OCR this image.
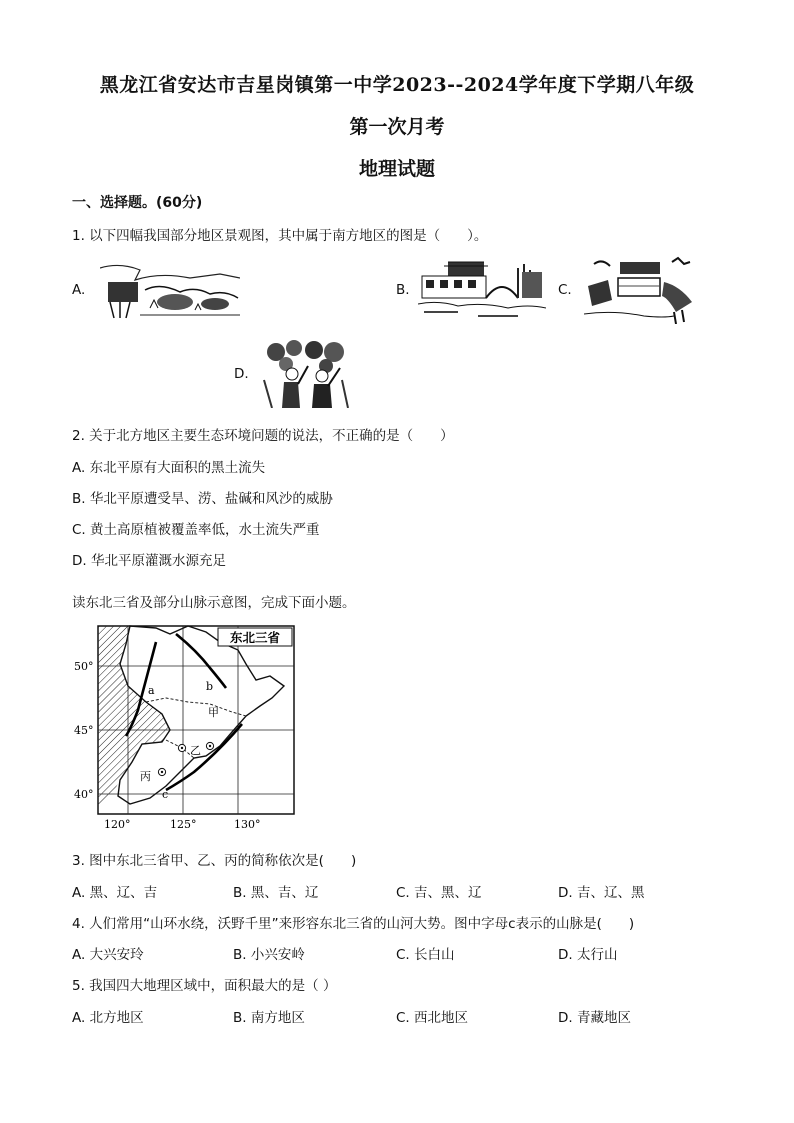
黑龙江省安达市吉星岗镇第一中学2023--2024学年度下学期八年级
第一次月考
地理试题
一、选择题。(60分)
1. 以下四幅我国部分地区景观图，其中属于南方地区的图是（　　）。
A.	B.	C.
D.
2. 关于北方地区主要生态环境问题的说法，不正确的是（　　）
A. 东北平原有大面积的黑土流失
B. 华北平原遭受旱、涝、盐碱和风沙的威胁
C. 黄土高原植被覆盖率低，水土流失严重
D. 华北平原灌溉水源充足
读东北三省及部分山脉示意图，完成下面小题。
东北三省
a	b
c
甲
乙
丙
50°
45°
40°
120°	125°	130°
3. 图中东北三省甲、乙、丙的简称依次是(　　)
A. 黑、辽、吉	B. 黑、吉、辽	C. 吉、黑、辽	D. 吉、辽、黑
4. 人们常用“山环水绕，沃野千里”来形容东北三省的山河大势。图中字母c表示的山脉是(　　)
A. 大兴安玲	B. 小兴安岭	C. 长白山	D. 太行山
5. 我国四大地理区域中，面积最大的是（ ）
A. 北方地区	B. 南方地区	C. 西北地区	D. 青藏地区
